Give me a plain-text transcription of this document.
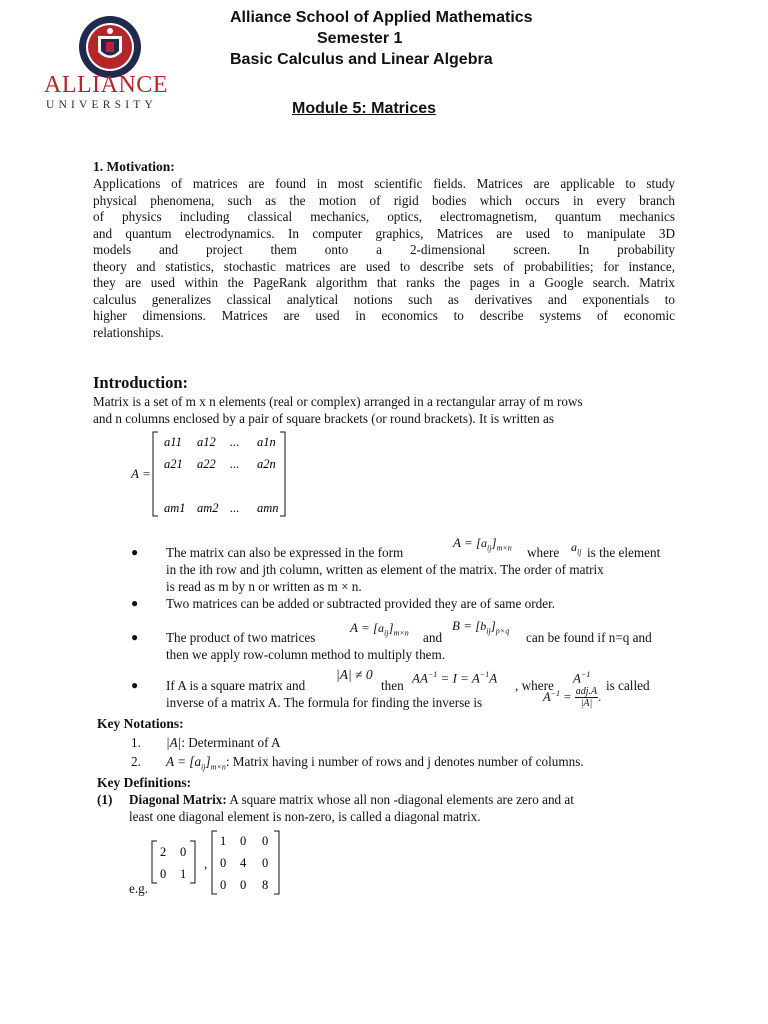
ALLIANCE
UNIVERSITY
Alliance School of Applied Mathematics
Semester 1
Basic Calculus and Linear Algebra
Module 5: Matrices
1. Motivation:
Applications of matrices are found in most scientific fields. Matrices are applicable to study
physical phenomena, such as the motion of rigid bodies which occurs in every branch
of physics including classical mechanics, optics, electromagnetism, quantum mechanics
and quantum electrodynamics. In computer graphics, Matrices are used to manipulate 3D
models and project them onto a 2-dimensional screen. In probability
theory and statistics, stochastic matrices are used to describe sets of probabilities; for instance,
they are used within the PageRank algorithm that ranks the pages in a Google search. Matrix
calculus generalizes classical analytical notions such as derivatives and exponentials to
higher dimensions. Matrices are used in economics to describe systems of economic
relationships.
Introduction:
Matrix is a set of m x n elements (real or complex) arranged in a rectangular array of m rows
and n columns enclosed by a pair of square brackets (or round brackets). It is written as
A =
a11 a12 ... a1n
a21 a22 ... a2n
am1 am2 ... amn
● The matrix can also be expressed in the form
$A = [a_{ij}]_{m\times n}$ where $a_{ij}$ is the element
in the ith row and jth column, written as element of the matrix. The order of matrix
is read as m by n or written as m × n.
● Two matrices can be added or subtracted provided they are of same order.
● The product of two matrices
$A = [a_{ij}]_{m\times n}$ and
$B = [b_{ij}]_{p\times q}$ can be found if n=q and
then we apply row-column method to multiply them.
● If A is a square matrix and
|A| ≠ 0
then
$AA^{-1} = I = A^{-1}A$
, where
$A^{-1}$
is called
inverse of a matrix A. The formula for finding the inverse is	$A^{-1} = adj.A$
|A| .
Key Notations:
1. |A|: Determinant of A
2. $A = [a_{ij}]_{m\times n}$: Matrix having i number of rows and j denotes number of columns.
Key Definitions:
(1) Diagonal Matrix: A square matrix whose all non -diagonal elements are zero and at
least one diagonal element is non-zero, is called a diagonal matrix.
2 0
0 1
,
1 0 0
0 4 0
0 0 8
e.g.
